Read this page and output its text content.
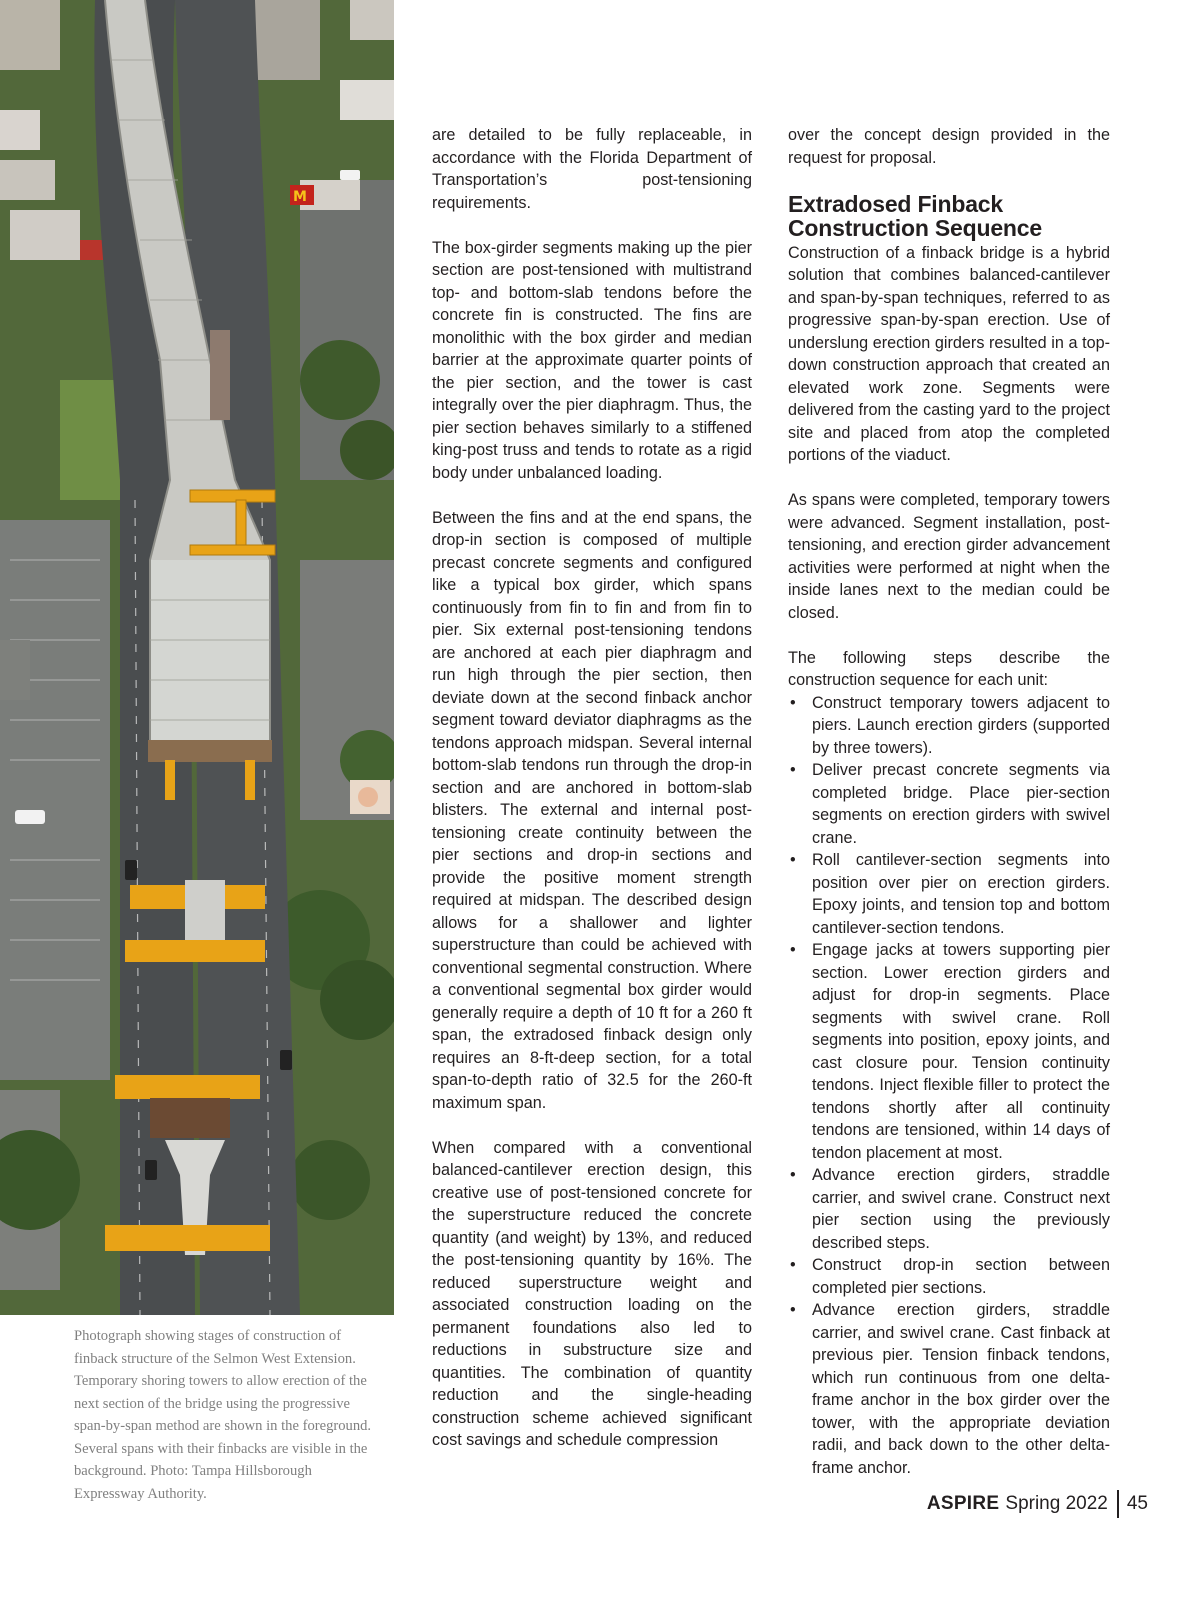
M
Photograph showing stages of construction of finback structure of the Selmon West Extension. Temporary shoring towers to allow erection of the next section of the bridge using the progressive span-by-span method are shown in the foreground. Several spans with their finbacks are visible in the background. Photo: Tampa Hillsborough Expressway Authority.

are detailed to be fully replaceable, in accordance with the Florida Department of Transportation’s post-tensioning requirements.

The box-girder segments making up the pier section are post-tensioned with multistrand top- and bottom-slab tendons before the concrete fin is constructed. The fins are monolithic with the box girder and median barrier at the approximate quarter points of the pier section, and the tower is cast integrally over the pier diaphragm. Thus, the pier section behaves similarly to a stiffened king-post truss and tends to rotate as a rigid body under unbalanced loading.

Between the fins and at the end spans, the drop-in section is composed of multiple precast concrete segments and configured like a typical box girder, which spans continuously from fin to fin and from fin to pier. Six external post-tensioning tendons are anchored at each pier diaphragm and run high through the pier section, then deviate down at the second finback anchor segment toward deviator diaphragms as the tendons approach midspan. Several internal bottom-slab tendons run through the drop-in section and are anchored in bottom-slab blisters. The external and internal post-tensioning create continuity between the pier sections and drop-in sections and provide the positive moment strength required at midspan. The described design allows for a shallower and lighter superstructure than could be achieved with conventional segmental construction. Where a conventional segmental box girder would generally require a depth of 10 ft for a 260 ft span, the extradosed finback design only requires an 8-ft-deep section, for a total span-to-depth ratio of 32.5 for the 260-ft maximum span.

When compared with a conventional balanced-cantilever erection design, this creative use of post-tensioned concrete for the superstructure reduced the concrete quantity (and weight) by 13%, and reduced the post-tensioning quantity by 16%. The reduced superstructure weight and associated construction loading on the permanent foundations also led to reductions in substructure size and quantities. The combination of quantity reduction and the single-heading construction scheme achieved significant cost savings and schedule compression

over the concept design provided in the request for proposal.

Extradosed Finback
Construction Sequence

Construction of a finback bridge is a hybrid solution that combines balanced-cantilever and span-by-span techniques, referred to as progressive span-by-span erection. Use of underslung erection girders resulted in a top-down construction approach that created an elevated work zone. Segments were delivered from the casting yard to the project site and placed from atop the completed portions of the viaduct.

As spans were completed, temporary towers were advanced. Segment installation, post-tensioning, and erection girder advancement activities were performed at night when the inside lanes next to the median could be closed.

The following steps describe the construction sequence for each unit:

• Construct temporary towers adjacent to piers. Launch erection girders (supported by three towers).
• Deliver precast concrete segments via completed bridge. Place pier-section segments on erection girders with swivel crane.
• Roll cantilever-section segments into position over pier on erection girders. Epoxy joints, and tension top and bottom cantilever-section tendons.
• Engage jacks at towers supporting pier section. Lower erection girders and adjust for drop-in segments. Place segments with swivel crane. Roll segments into position, epoxy joints, and cast closure pour. Tension continuity tendons. Inject flexible filler to protect the tendons shortly after all continuity tendons are tensioned, within 14 days of tendon placement at most.
• Advance erection girders, straddle carrier, and swivel crane. Construct next pier section using the previously described steps.
• Construct drop-in section between completed pier sections.
• Advance erection girders, straddle carrier, and swivel crane. Cast finback at previous pier. Tension finback tendons, which run continuous from one delta-frame anchor in the box girder over the tower, with the appropriate deviation radii, and back down to the other delta-frame anchor.
ASPIRE Spring 2022 45
